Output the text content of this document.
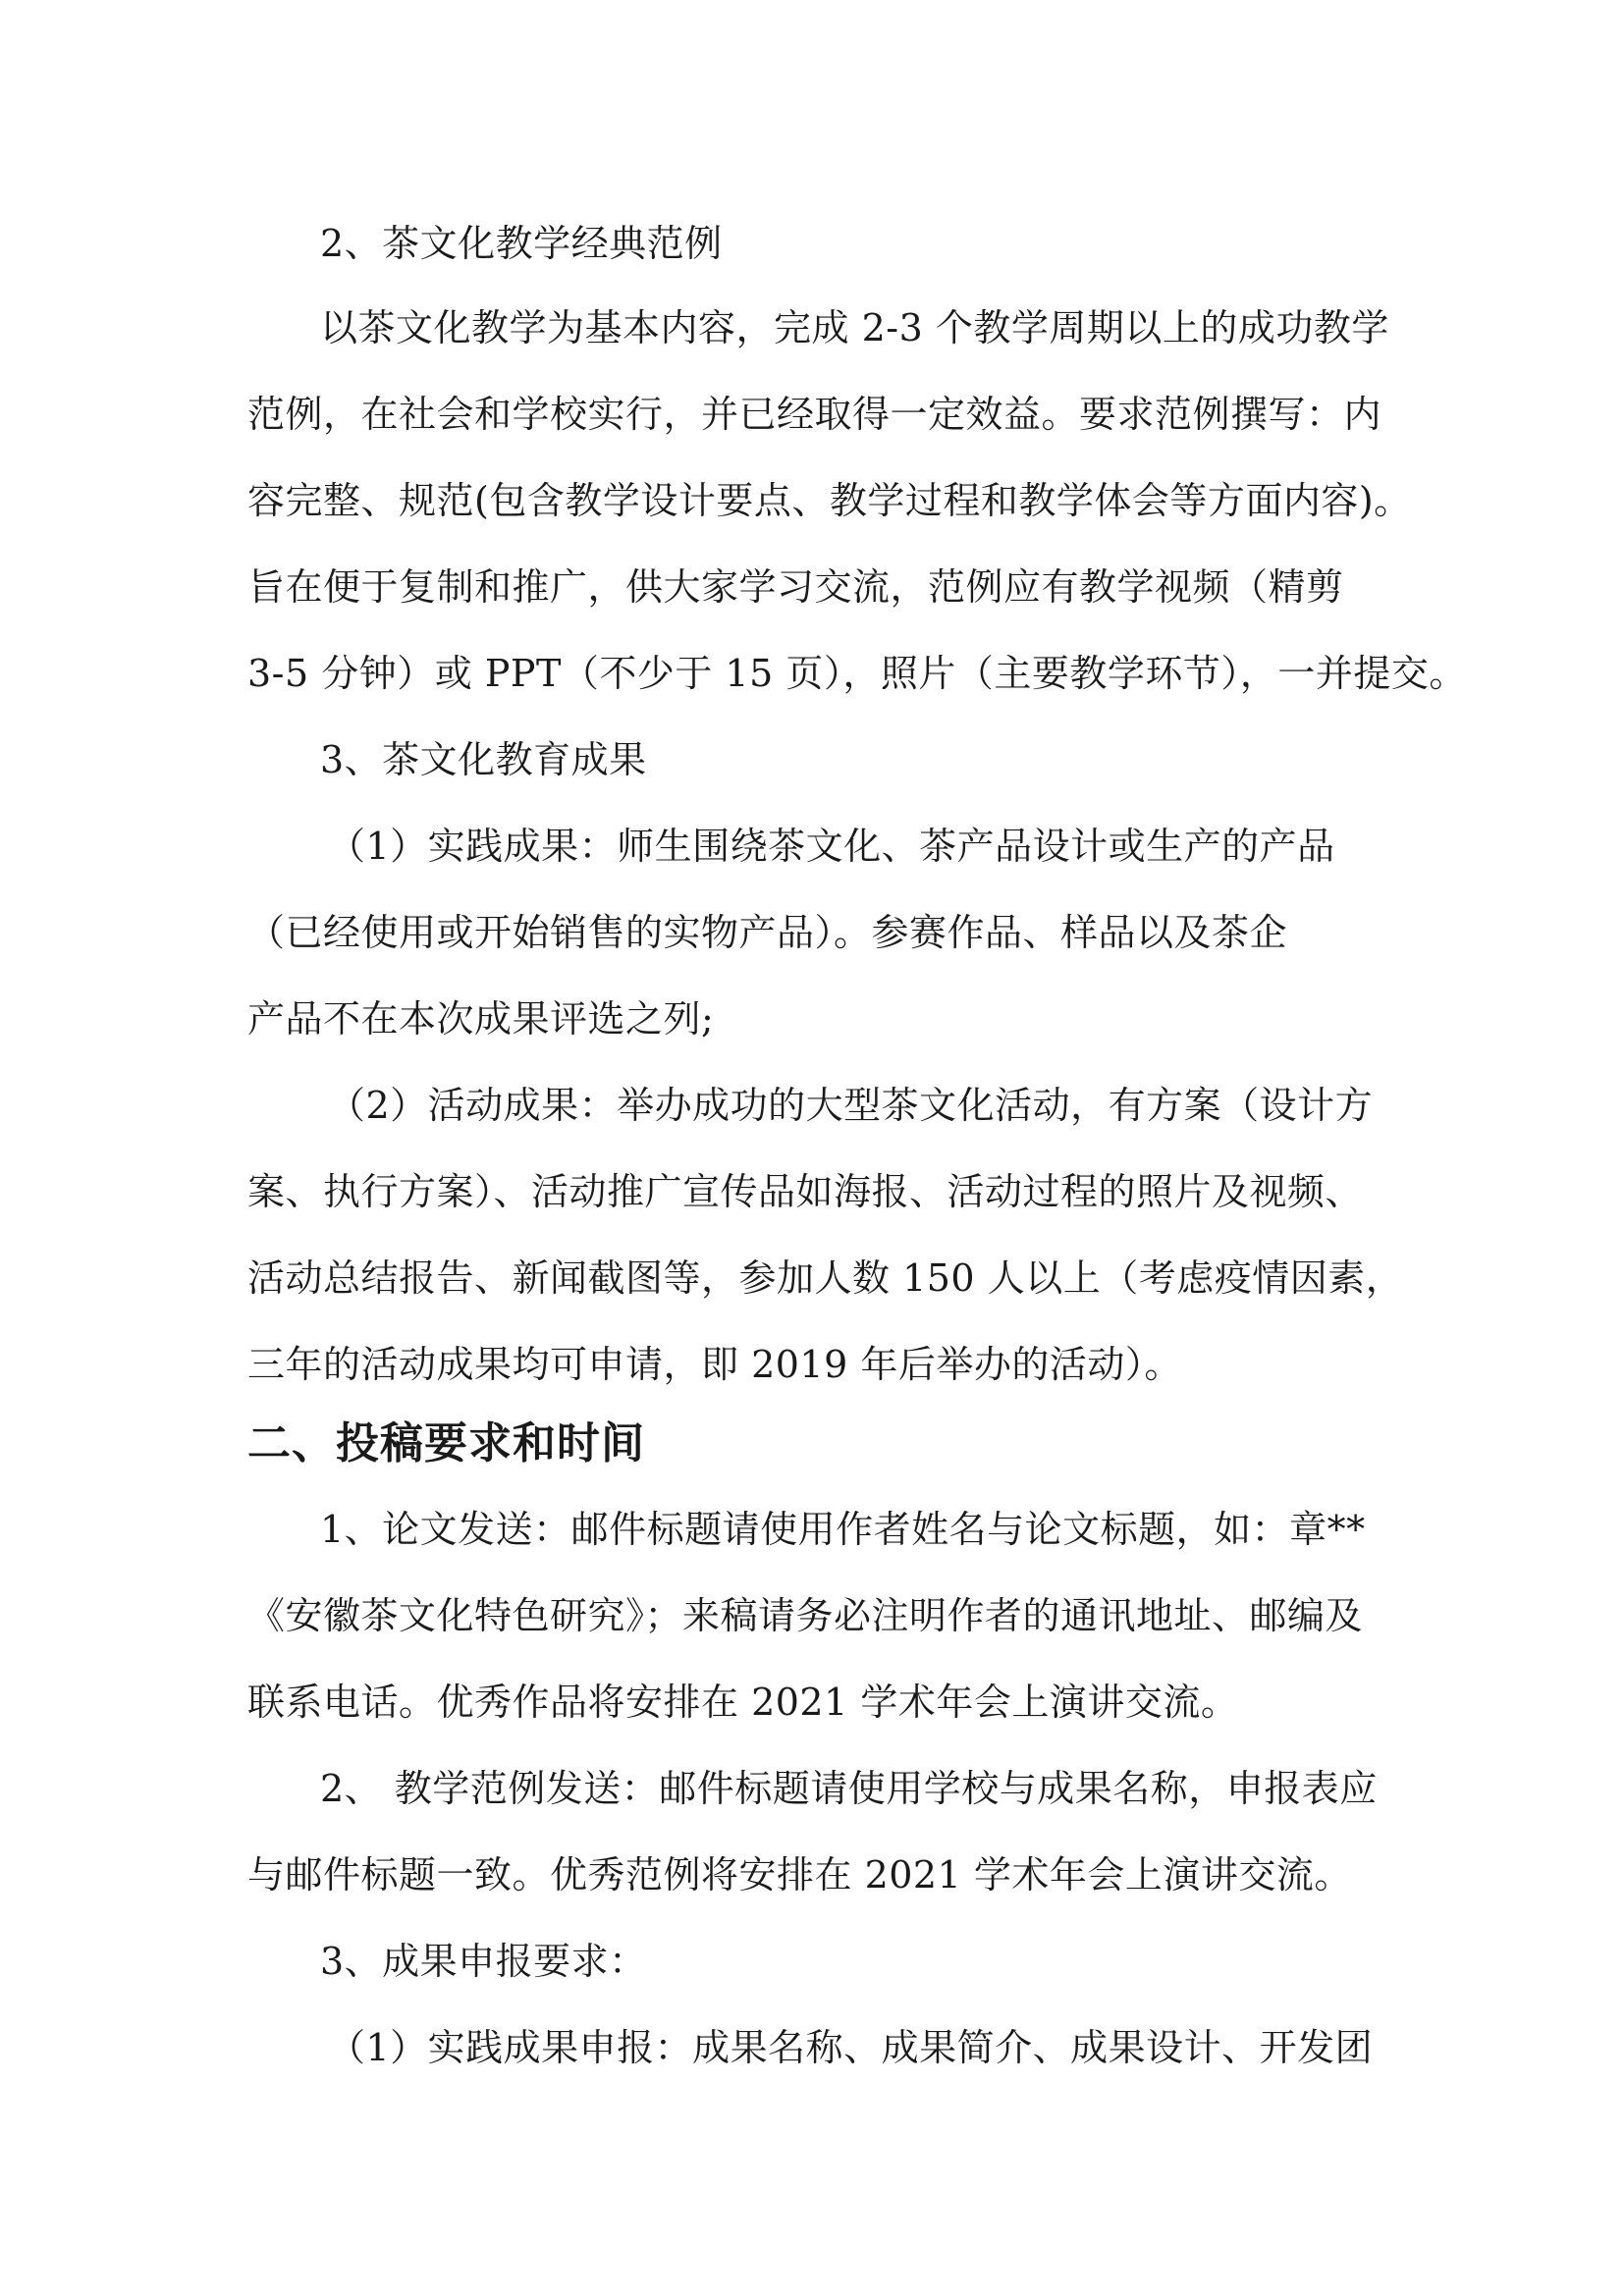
2、茶文化教学经典范例
以茶文化教学为基本内容，完成 2-3 个教学周期以上的成功教学
范例，在社会和学校实行，并已经取得一定效益。要求范例撰写：内
容完整、规范(包含教学设计要点、教学过程和教学体会等方面内容)。
旨在便于复制和推广，供大家学习交流，范例应有教学视频（精剪
3-5 分钟）或 PPT（不少于 15 页），照片（主要教学环节），一并提交。
3、茶文化教育成果
（1）实践成果：师生围绕茶文化、茶产品设计或生产的产品
（已经使用或开始销售的实物产品）。参赛作品、样品以及茶企
产品不在本次成果评选之列;
（2）活动成果：举办成功的大型茶文化活动，有方案（设计方
案、执行方案）、活动推广宣传品如海报、活动过程的照片及视频、
活动总结报告、新闻截图等，参加人数 150 人以上（考虑疫情因素，
三年的活动成果均可申请，即 2019 年后举办的活动）。
二、投稿要求和时间
1、论文发送：邮件标题请使用作者姓名与论文标题，如：章**
《安徽茶文化特色研究》；来稿请务必注明作者的通讯地址、邮编及
联系电话。优秀作品将安排在 2021 学术年会上演讲交流。
2、 教学范例发送：邮件标题请使用学校与成果名称，申报表应
与邮件标题一致。优秀范例将安排在 2021 学术年会上演讲交流。
3、成果申报要求：
（1）实践成果申报：成果名称、成果简介、成果设计、开发团
